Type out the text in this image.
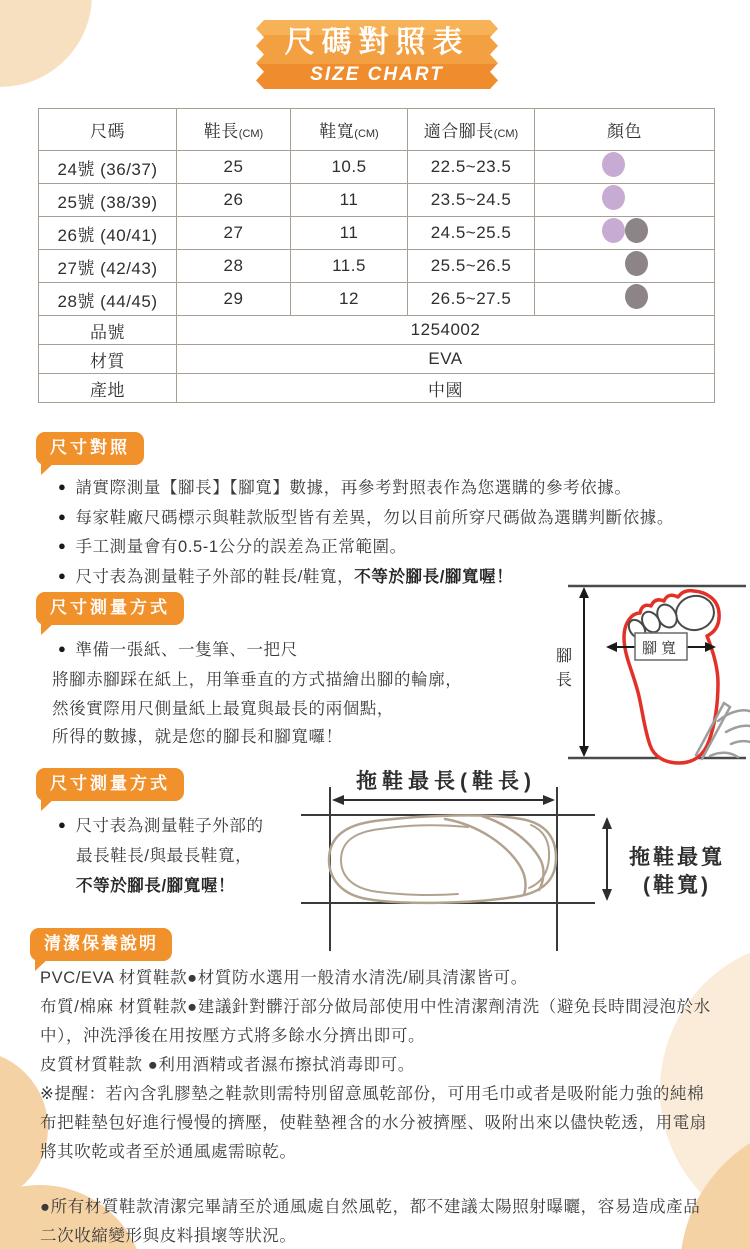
尺碼對照表
SIZE CHART
尺碼	鞋長(CM)	鞋寬(CM)	適合腳長(CM)	顏色
24號 (36/37)	25	10.5	22.5~23.5	

25號 (38/39)	26	11	23.5~24.5	

26號 (40/41)	27	11	24.5~25.5	

27號 (42/43)	28	11.5	25.5~26.5	

28號 (44/45)	29	12	26.5~27.5	

品號	1254002			
材質	EVA			
產地	中國			
尺寸對照
● 請實際測量【腳長】【腳寬】數據，再參考對照表作為您選購的參考依據。
● 每家鞋廠尺碼標示與鞋款版型皆有差異，勿以目前所穿尺碼做為選購判斷依據。
● 手工測量會有0.5-1公分的誤差為正常範圍。
● 尺寸表為測量鞋子外部的鞋長/鞋寬，不等於腳長/腳寬喔！
尺寸測量方式
● 準備一張紙、一隻筆、一把尺
將腳赤腳踩在紙上，用筆垂直的方式描繪出腳的輪廓，
然後實際用尺側量紙上最寬與最長的兩個點，
所得的數據，就是您的腳長和腳寬囉！
腳長
腳寬
尺寸測量方式
● 尺寸表為測量鞋子外部的
最長鞋長/與最長鞋寬，
不等於腳長/腳寬喔！
拖鞋最長(鞋長)
拖鞋最寬
(鞋寬)
清潔保養說明
PVC/EVA 材質鞋款●材質防水選用一般清水清洗/刷具清潔皆可。
布質/棉麻 材質鞋款●建議針對髒汙部分做局部使用中性清潔劑清洗（避免長時間浸泡於水中），沖洗淨後在用按壓方式將多餘水分擠出即可。
皮質材質鞋款 ●利用酒精或者濕布擦拭消毒即可。
※提醒：若內含乳膠墊之鞋款則需特別留意風乾部份，可用毛巾或者是吸附能力強的純棉布把鞋墊包好進行慢慢的擠壓，使鞋墊裡含的水分被擠壓、吸附出來以儘快乾透，用電扇將其吹乾或者至於通風處需晾乾。
●所有材質鞋款清潔完畢請至於通風處自然風乾，都不建議太陽照射曝曬，容易造成產品二次收縮變形與皮料損壞等狀況。
